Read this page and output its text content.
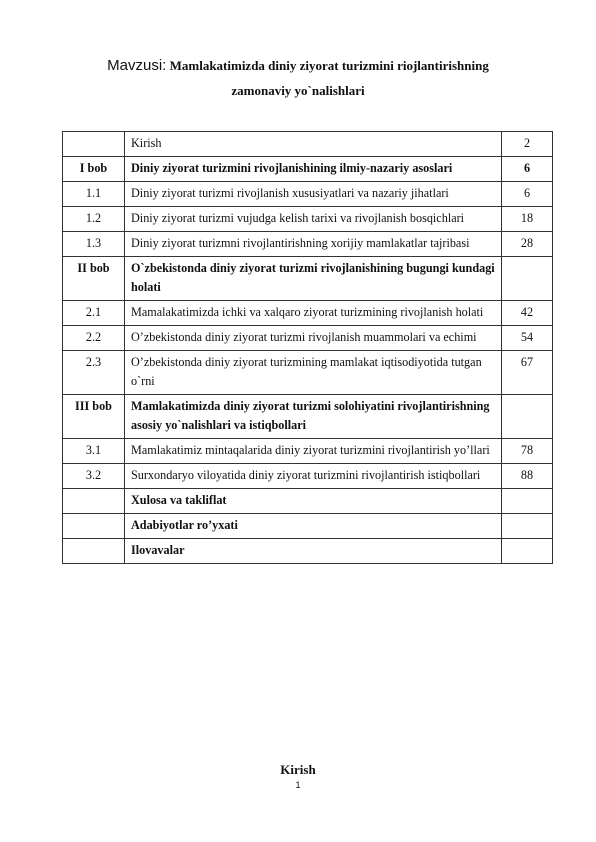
Mavzusi: Mamlakatimizda diniy ziyorat turizmini riojlantirishning
zamonaviy yo`nalishlari
	Kirish	2
I bob	Diniy ziyorat turizmini rivojlanishining ilmiy-nazariy asoslari	6
1.1	Diniy ziyorat turizmi rivojlanish xususiyatlari va nazariy jihatlari	6
1.2	Diniy ziyorat turizmi vujudga kelish tarixi va rivojlanish bosqichlari	18
1.3	Diniy ziyorat turizmni rivojlantirishning xorijiy mamlakatlar tajribasi	28
II bob	O`zbekistonda diniy ziyorat turizmi rivojlanishining bugungi kundagi holati	
2.1	Mamalakatimizda ichki va xalqaro ziyorat turizmining rivojlanish holati	42
2.2	O’zbekistonda diniy ziyorat turizmi rivojlanish muammolari va echimi	54
2.3	O’zbekistonda diniy ziyorat turizmining mamlakat iqtisodiyotida tutgan o`rni	67
III bob	Mamlakatimizda diniy ziyorat turizmi solohiyatini rivojlantirishning asosiy yo`nalishlari va istiqbollari	
3.1	Mamlakatimiz mintaqalarida diniy ziyorat turizmini rivojlantirish yo’llari	78
3.2	Surxondaryo viloyatida diniy ziyorat turizmini rivojlantirish istiqbollari	88
	Xulosa va takliflat	
	Adabiyotlar ro’yxati	
	Ilovavalar	
Kirish
1
